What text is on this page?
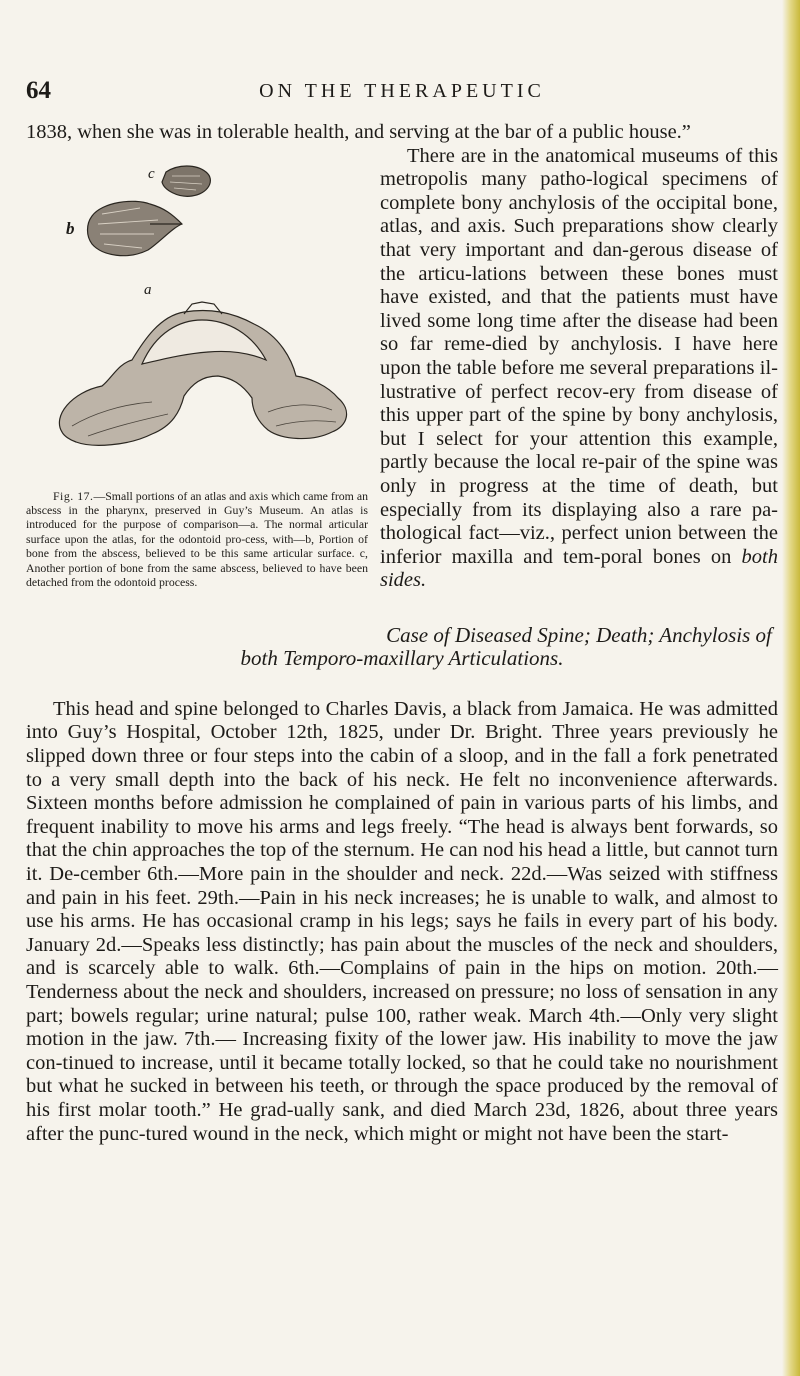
64	ON THE THERAPEUTIC

1838, when she was in tolerable health, and serving at the bar of a public house.”

c
b
a
Fig. 17.—Small portions of an atlas and axis which came from an abscess in the pharynx, preserved in Guy’s Museum. An atlas is introduced for the purpose of comparison—a. The normal articular surface upon the atlas, for the odontoid pro-cess, with—b, Portion of bone from the abscess, believed to be this same articular surface. c, Another portion of bone from the same abscess, believed to have been detached from the odontoid process.
There are in the anatomical museums of this metropolis many patho-logical specimens of complete bony anchylosis of the occipital bone, atlas, and axis. Such preparations show clearly that very important and dan-gerous disease of the articu-lations between these bones must have existed, and that the patients must have lived some long time after the disease had been so far reme-died by anchylosis. I have here upon the table before me several preparations il-lustrative of perfect recov-ery from disease of this upper part of the spine by bony anchylosis, but I select for your attention this example, partly because the local re-pair of the spine was only in progress at the time of death, but especially from its displaying also a rare pa-thological fact—viz., perfect union between the inferior maxilla and tem-poral bones on both sides.

Case of Diseased Spine; Death; Anchylosis of both Temporo-maxillary Articulations.

This head and spine belonged to Charles Davis, a black from Jamaica. He was admitted into Guy’s Hospital, October 12th, 1825, under Dr. Bright. Three years previously he slipped down three or four steps into the cabin of a sloop, and in the fall a fork penetrated to a very small depth into the back of his neck. He felt no inconvenience afterwards. Sixteen months before admission he complained of pain in various parts of his limbs, and frequent inability to move his arms and legs freely. “The head is always bent forwards, so that the chin approaches the top of the sternum. He can nod his head a little, but cannot turn it. De-cember 6th.—More pain in the shoulder and neck. 22d.—Was seized with stiffness and pain in his feet. 29th.—Pain in his neck increases; he is unable to walk, and almost to use his arms. He has occasional cramp in his legs; says he fails in every part of his body. January 2d.—Speaks less distinctly; has pain about the muscles of the neck and shoulders, and is scarcely able to walk. 6th.—Complains of pain in the hips on motion. 20th.—Tenderness about the neck and shoulders, increased on pressure; no loss of sensation in any part; bowels regular; urine natural; pulse 100, rather weak. March 4th.—Only very slight motion in the jaw. 7th.— Increasing fixity of the lower jaw. His inability to move the jaw con-tinued to increase, until it became totally locked, so that he could take no nourishment but what he sucked in between his teeth, or through the space produced by the removal of his first molar tooth.” He grad-ually sank, and died March 23d, 1826, about three years after the punc-tured wound in the neck, which might or might not have been the start-
